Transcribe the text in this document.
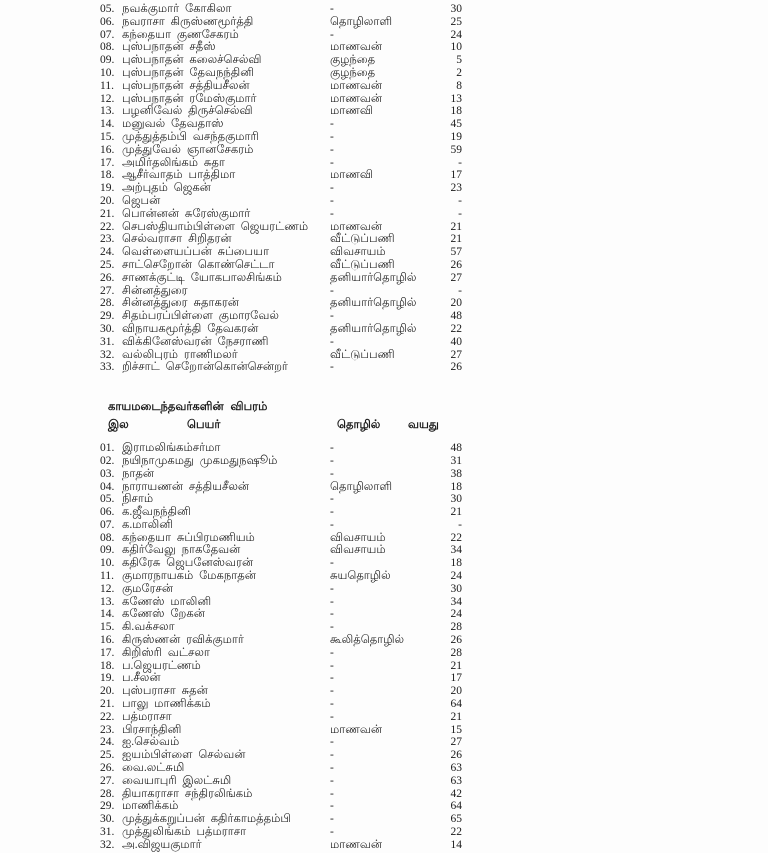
05. நவக்குமார் கோகிலா	-	30
06. நவராசா கிருஸ்ணமூர்த்தி	தொழிலாளி	25
07. கந்தையா குணசேகரம்	-	24
08. புஸ்பநாதன் சதீஸ்	மாணவன்	10
09. புஸ்பநாதன் கலைச்செல்வி	குழந்தை	5
10. புஸ்பநாதன் தேவநந்தினி	குழந்தை	2
11. புஸ்பநாதன் சத்தியசீலன்	மாணவன்	8
12. புஸ்பநாதன் ரமேஸ்குமார்	மாணவன்	13
13. பழனிவேல் திருச்செல்வி	மாணவி	18
14. மனுவல் தேவதாஸ்	-	45
15. முத்துத்தம்பி வசந்தகுமாரி	-	19
16. முத்துவேல் ஞானசேகரம்	-	59
17. அமிர்தலிங்கம் சுதா	-	-
18. ஆசீர்வாதம் பாத்திமா	மாணவி	17
19. அற்புதம் ஜெகன்	-	23
20. ஜெபன்	-	-
21. பொன்னன் சுரேஸ்குமார்	-	-
22. செபஸ்தியாம்பிள்ளை ஜெயரட்ணம்	மாணவன்	21
23. செல்வராசா சிறிதரன்	வீட்டுப்பணி	21
24. வெள்ளையப்பன் சுப்பையா	விவசாயம்	57
25. சாட்செறோன் கொண்செட்டா	வீட்டுப்பணி	26
26. சாணக்குட்டி யோகபாலசிங்கம்	தனியார்தொழில்	27
27. சின்னத்துரை	-	-
28. சின்னத்துரை சுதாகரன்	தனியார்தொழில்	20
29. சிதம்பரப்பிள்ளை குமாரவேல்	-	48
30. விநாயகமூர்த்தி தேவகரன்	தனியார்தொழில்	22
31. விக்கினேஸ்வரன் நேசராணி	-	40
32. வல்லிபுரம் ராணிமலர்	வீட்டுப்பணி	27
33. றிச்சாட் செறோன்கொன்சென்றர்	-	26
காயமடைந்தவர்களின் விபரம்
இல	பெயர்	தொழில் வயது
01. இராமலிங்கம்சர்மா	-	48
02. நயிநாமுகமது முகமதுநஷூம்	-	31
03. நாதன்	-	38
04. நாராயணன் சத்தியசீலன்	தொழிலாளி	18
05. நிசாம்	-	30
06. க.ஜீவநந்தினி	-	21
07. க.மாலினி	-	-
08. கந்தையா சுப்பிரமணியம்	விவசாயம்	22
09. கதிர்வேலு நாகதேவன்	விவசாயம்	34
10. கதிரேசு ஜெபனேஸ்வரன்	-	18
11. குமாரநாயகம் மேகநாதன்	சுயதொழில்	24
12. குமரேசன்	-	30
13. கணேஸ் மாலினி	-	34
14. கணேஸ் றேகன்	-	24
15. கி.வக்சலா	-	28
16. கிருஸ்ணன் ரவிக்குமார்	கூலித்தொழில்	26
17. கிறிஸ்ரி வட்சலா	-	28
18. ப.ஜெயரட்ணம்	-	21
19. ப.சீலன்	-	17
20. புஸ்பராசா சுதன்	-	20
21. பாலு மாணிக்கம்	-	64
22. பத்மராசா	-	21
23. பிரசாந்தினி	மாணவன்	15
24. ஐ.செல்வம்	-	27
25. ஐயம்பிள்ளை செல்வன்	-	26
26. வை.லட்சுமி	-	63
27. வையாபுரி இலட்சுமி	-	63
28. தியாகராசா சந்திரலிங்கம்	-	42
29. மாணிக்கம்	-	64
30. முத்துக்கறுப்பன் கதிர்காமத்தம்பி	-	65
31. முத்துலிங்கம் பத்மராசா	-	22
32. அ.விஜயகுமார்	மாணவன்	14
